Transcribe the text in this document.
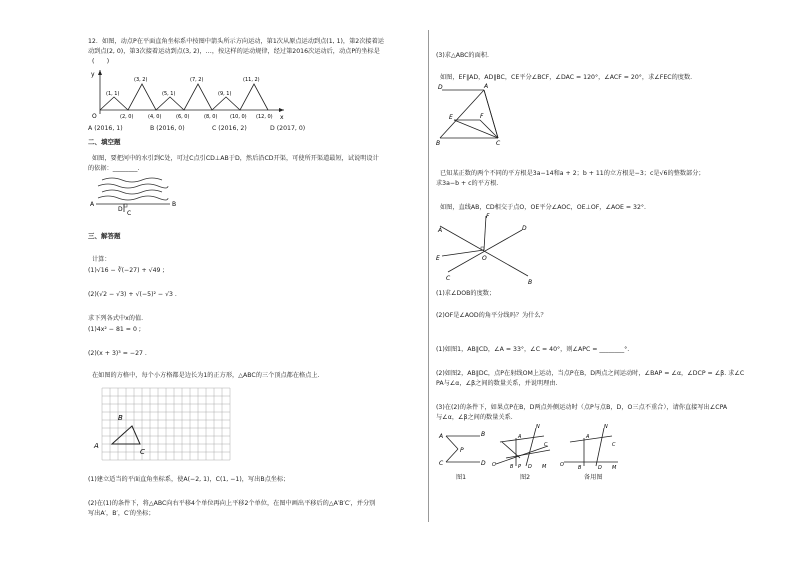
12．如图，动点P在平面直角坐标系中按图中箭头所示方向运动，第1次从原点运动到点(1, 1)，第2次接着运
动到点(2, 0)，第3次接着运动到点(3, 2)，…，按这样的运动规律，经过第2016次运动后，动点P的坐标是
(　　)
y
x
O
(3, 2)	(7, 2)	(11, 2)
(1, 1)	(5, 1)	(9, 1)
(2, 0)	(4, 0)	(6, 0)	(8, 0)	(10, 0) (12, 0)
A (2016, 1)	B (2016, 0)	C (2016, 2)	D (2017, 0)
二、填空题
如图，要把河中的水引到C处，可过C点引CD⊥AB于D，然后沿CD开渠，可使所开渠道最短，试说明设计
的依据：________.
A	B
D
C
三、解答题
计算：
(1)√16 − ∛(−27) + √49 ;
(2)(√2 − √3) + √(−5)² − √3 .
求下列各式中x的值.
(1)4x² − 81 = 0 ;
(2)(x + 3)³ = −27 .
在如图的方格中，每个小方格都是边长为1的正方形，△ABC的三个顶点都在格点上.
A
B
C
(1)建立适当的平面直角坐标系，使A(−2, 1)，C(1, −1)，写出B点坐标；
(2)在(1)的条件下，将△ABC向右平移4个单位再向上平移2个单位，在图中画出平移后的△A′B′C′，并分别
写出A′，B′，C′的坐标；
(3)求△ABC的面积.
如图，EF∥AD，AD∥BC，CE平分∠BCF，∠DAC = 120°，∠ACF = 20°，求∠FEC的度数.
D	A
E	F
B	C
已知某正数的两个不同的平方根是3a−14和a + 2；b + 11的立方根是−3；c是√6的整数部分；
求3a−b + c的平方根.
如图，直线AB，CD相交于点O，OE平分∠AOC，OE⊥OF，∠AOE = 32°.
F
A
E	O
C
B
D
(1)求∠DOB的度数；
(2)OF是∠AOD的角平分线吗？为什么？
(1)如图1，AB∥CD，∠A = 33°，∠C = 40°，则∠APC = ________°.
(2)如图2，AB∥DC，点P在射线OM上运动，当点P在B，D两点之间运动时，∠BAP = ∠α，∠DCP = ∠β. 求∠C
PA与∠α，∠β之间的数量关系，并说明理由.
(3)在(2)的条件下，如果点P在B，D两点外侧运动时（点P与点B，D，O三点不重合），请你直接写出∠CPA
与∠α，∠β之间的数量关系.
A	B
P
C	D
N
A
C
O	B P D M
N
A
C
O	B	D M
图1	图2	备用图
